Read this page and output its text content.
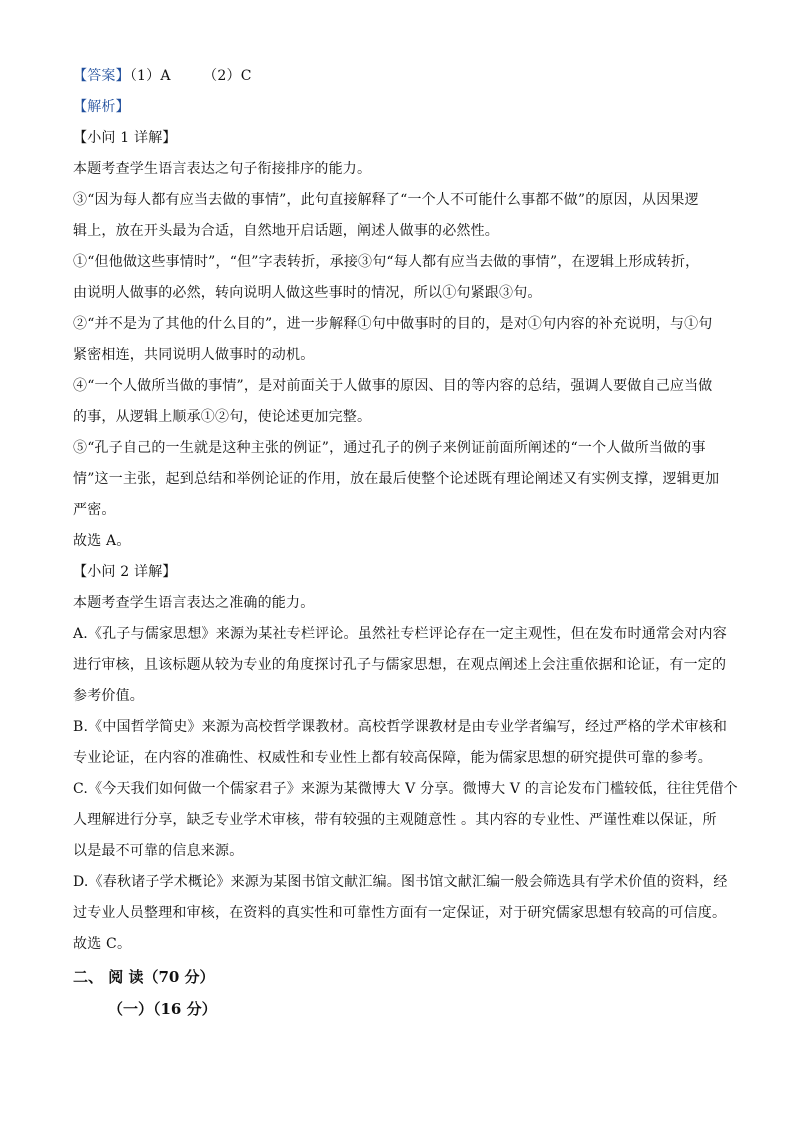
【答案】（1）A       （2）C
【解析】
【小问 1 详解】
本题考查学生语言表达之句子衔接排序的能力。
③“因为每人都有应当去做的事情”，此句直接解释了“一个人不可能什么事都不做”的原因，从因果逻
辑上，放在开头最为合适，自然地开启话题，阐述人做事的必然性。
①“但他做这些事情时”，“但”字表转折，承接③句“每人都有应当去做的事情”，在逻辑上形成转折，
由说明人做事的必然，转向说明人做这些事时的情况，所以①句紧跟③句。
②“并不是为了其他的什么目的”，进一步解释①句中做事时的目的，是对①句内容的补充说明，与①句
紧密相连，共同说明人做事时的动机。
④“一个人做所当做的事情”，是对前面关于人做事的原因、目的等内容的总结，强调人要做自己应当做
的事，从逻辑上顺承①②句，使论述更加完整。
⑤“孔子自己的一生就是这种主张的例证”，通过孔子的例子来例证前面所阐述的“一个人做所当做的事
情”这一主张，起到总结和举例论证的作用，放在最后使整个论述既有理论阐述又有实例支撑，逻辑更加
严密。
故选 A。
【小问 2 详解】
本题考查学生语言表达之准确的能力。
A.《孔子与儒家思想》来源为某社专栏评论。虽然社专栏评论存在一定主观性，但在发布时通常会对内容
进行审核，且该标题从较为专业的角度探讨孔子与儒家思想，在观点阐述上会注重依据和论证，有一定的
参考价值。
B.《中国哲学简史》来源为高校哲学课教材。高校哲学课教材是由专业学者编写，经过严格的学术审核和
专业论证，在内容的准确性、权威性和专业性上都有较高保障，能为儒家思想的研究提供可靠的参考。
C.《今天我们如何做一个儒家君子》来源为某微博大 V 分享。微博大 V 的言论发布门槛较低，往往凭借个
人理解进行分享，缺乏专业学术审核，带有较强的主观随意性 。其内容的专业性、严谨性难以保证，所
以是最不可靠的信息来源。
D.《春秋诸子学术概论》来源为某图书馆文献汇编。图书馆文献汇编一般会筛选具有学术价值的资料，经
过专业人员整理和审核，在资料的真实性和可靠性方面有一定保证，对于研究儒家思想有较高的可信度。
故选 C。
二、 阅 读（70 分）
（一）（16 分）
